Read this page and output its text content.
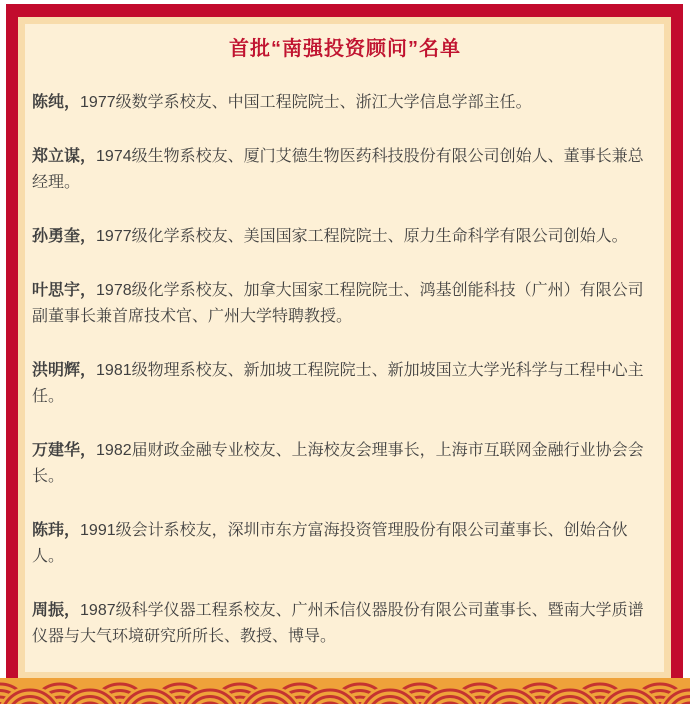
首批“南强投资顾问”名单

陈纯，1977级数学系校友、中国工程院院士、浙江大学信息学部主任。

郑立谋，1974级生物系校友、厦门艾德生物医药科技股份有限公司创始人、董事长兼总经理。

孙勇奎，1977级化学系校友、美国国家工程院院士、原力生命科学有限公司创始人。

叶思宇，1978级化学系校友、加拿大国家工程院院士、鸿基创能科技（广州）有限公司副董事长兼首席技术官、广州大学特聘教授。

洪明辉，1981级物理系校友、新加坡工程院院士、新加坡国立大学光科学与工程中心主任。

万建华，1982届财政金融专业校友、上海校友会理事长，上海市互联网金融行业协会会长。

陈玮，1991级会计系校友，深圳市东方富海投资管理股份有限公司董事长、创始合伙人。

周振，1987级科学仪器工程系校友、广州禾信仪器股份有限公司董事长、暨南大学质谱仪器与大气环境研究所所长、教授、博导。
